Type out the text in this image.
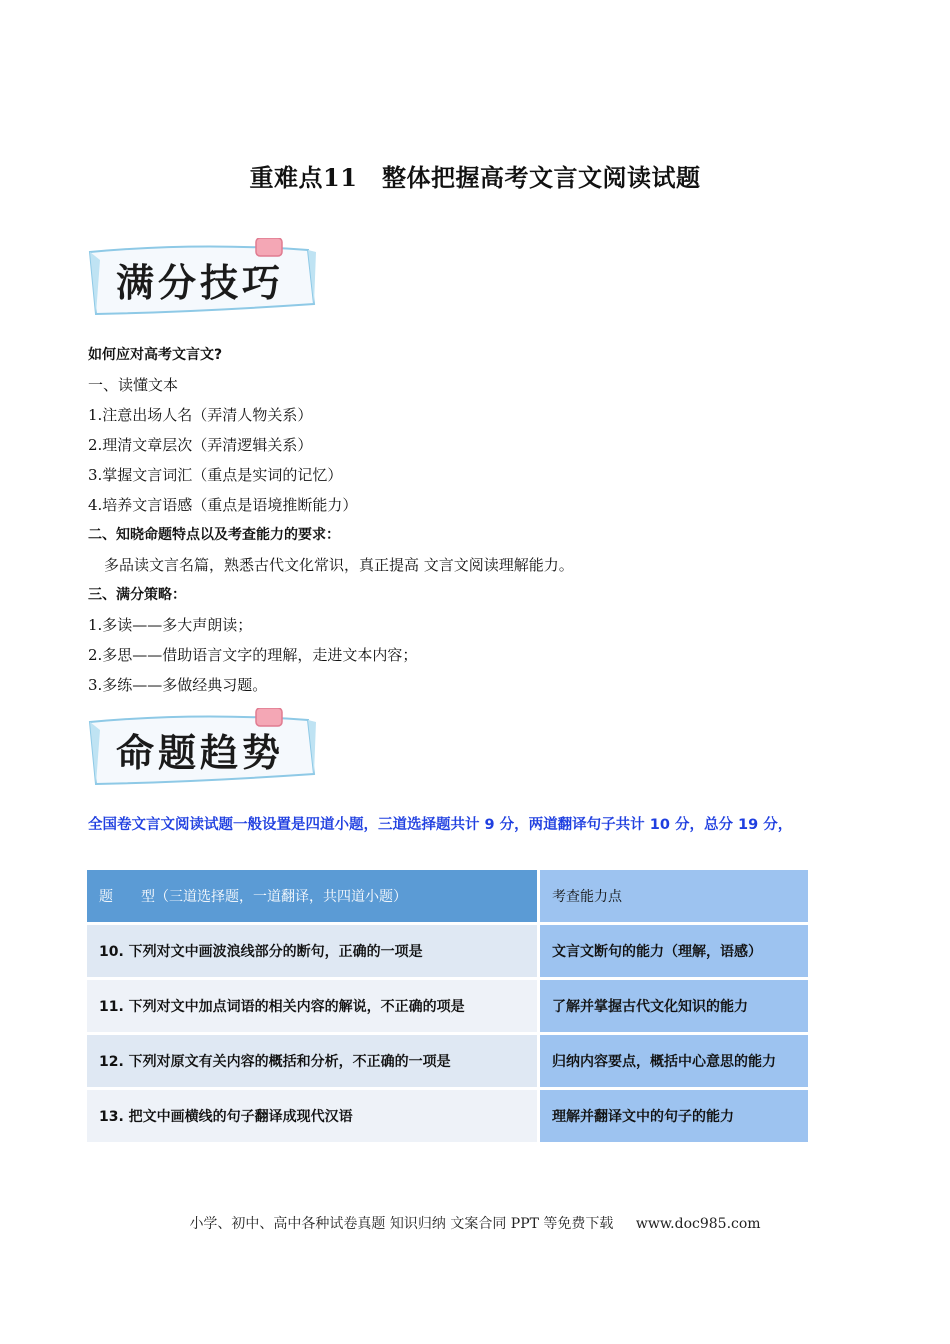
重难点11　整体把握高考文言文阅读试题
满分技巧
如何应对高考文言文?
一、读懂文本
1.注意出场人名（弄清人物关系）
2.理清文章层次（弄清逻辑关系）
3.掌握文言词汇（重点是实词的记忆）
4.培养文言语感（重点是语境推断能力）
二、知晓命题特点以及考查能力的要求：
多品读文言名篇，熟悉古代文化常识，真正提高 文言文阅读理解能力。
三、满分策略：
1.多读——多大声朗读；
2.多思——借助语言文字的理解，走进文本内容；
3.多练——多做经典习题。
命题趋势
全国卷文言文阅读试题一般设置是四道小题，三道选择题共计 9 分，两道翻译句子共计 10 分，总分 19 分，
题　　型（三道选择题，一道翻译，共四道小题）	考查能力点
10. 下列对文中画波浪线部分的断句，正确的一项是	文言文断句的能力（理解，语感）
11. 下列对文中加点词语的相关内容的解说，不正确的项是	了解并掌握古代文化知识的能力
12. 下列对原文有关内容的概括和分析，不正确的一项是	归纳内容要点，概括中心意思的能力
13. 把文中画横线的句子翻译成现代汉语	理解并翻译文中的句子的能力
小学、初中、高中各种试卷真题 知识归纳 文案合同 PPT 等免费下载 www.doc985.com
